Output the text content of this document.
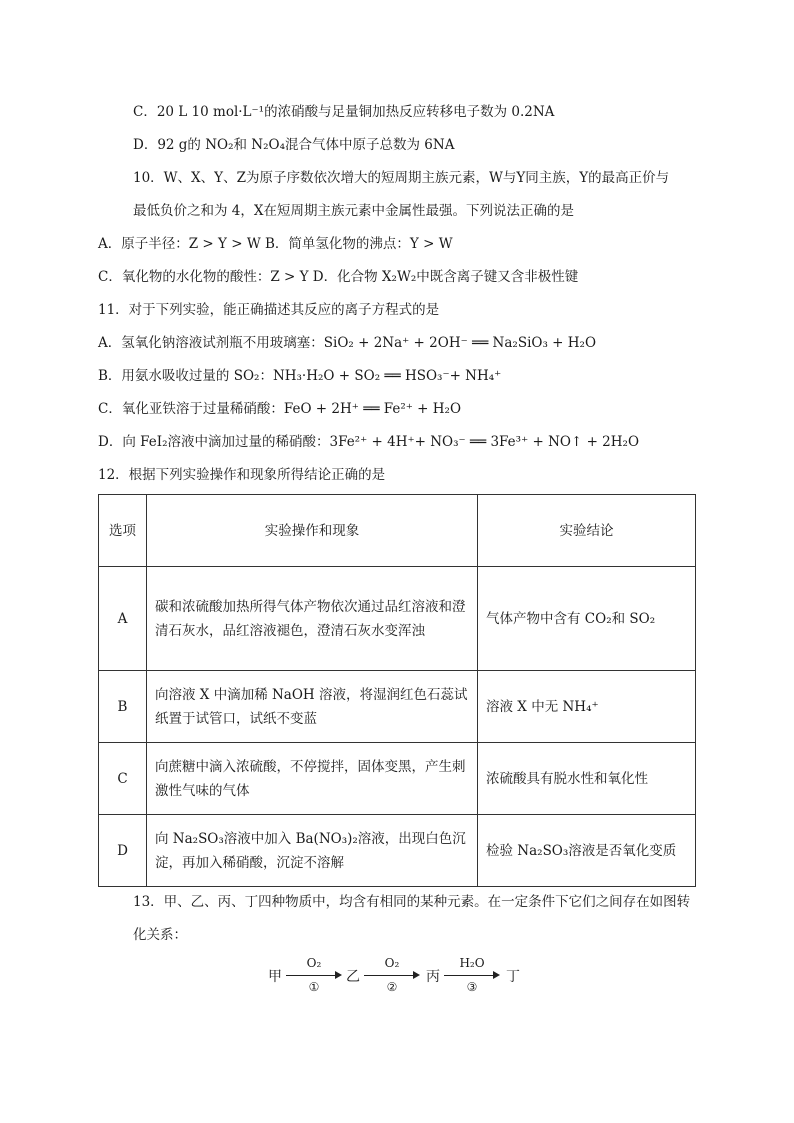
C．20 L 10 mol·L⁻¹的浓硝酸与足量铜加热反应转移电子数为 0.2NA
D．92 g的 NO₂和 N₂O₄混合气体中原子总数为 6NA
10．W、X、Y、Z为原子序数依次增大的短周期主族元素，W与Y同主族，Y的最高正价与
最低负价之和为 4，X在短周期主族元素中金属性最强。下列说法正确的是
A．原子半径：Z > Y > W B．简单氢化物的沸点：Y > W
C．氧化物的水化物的酸性：Z > Y D．化合物 X₂W₂中既含离子键又含非极性键
11．对于下列实验，能正确描述其反应的离子方程式的是
A．氢氧化钠溶液试剂瓶不用玻璃塞：SiO₂ + 2Na⁺ + 2OH⁻ ══ Na₂SiO₃ + H₂O
B．用氨水吸收过量的 SO₂：NH₃·H₂O + SO₂ ══ HSO₃⁻+ NH₄⁺
C．氧化亚铁溶于过量稀硝酸：FeO + 2H⁺ ══ Fe²⁺ + H₂O
D．向 FeI₂溶液中滴加过量的稀硝酸：3Fe²⁺ + 4H⁺+ NO₃⁻ ══ 3Fe³⁺ + NO↑ + 2H₂O
12．根据下列实验操作和现象所得结论正确的是
选项	实验操作和现象	实验结论
A	碳和浓硫酸加热所得气体产物依次通过品红溶液和澄清石灰水，品红溶液褪色，澄清石灰水变浑浊	气体产物中含有 CO₂和 SO₂
B	向溶液 X 中滴加稀 NaOH 溶液，将湿润红色石蕊试纸置于试管口，试纸不变蓝	溶液 X 中无 NH₄⁺
C	向蔗糖中滴入浓硫酸，不停搅拌，固体变黑，产生刺激性气味的气体	浓硫酸具有脱水性和氧化性
D	向 Na₂SO₃溶液中加入 Ba(NO₃)₂溶液，出现白色沉淀，再加入稀硝酸，沉淀不溶解	检验 Na₂SO₃溶液是否氧化变质
13．甲、乙、丙、丁四种物质中，均含有相同的某种元素。在一定条件下它们之间存在如图转
化关系：
甲
O₂
①
乙
O₂
②
丙
H₂O
③
丁
